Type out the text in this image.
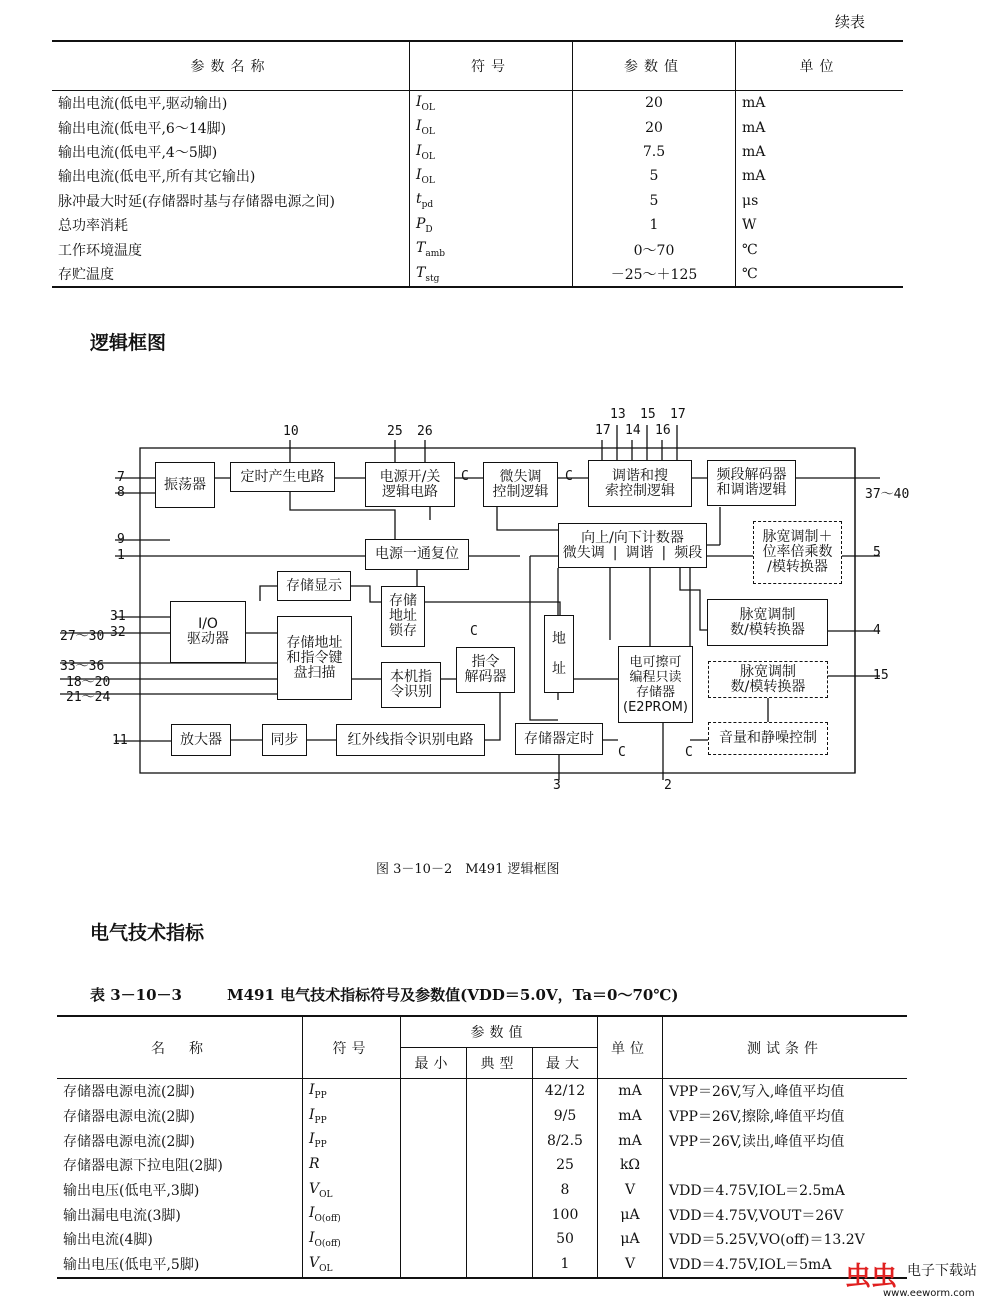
续表
参数名称	符号	参数值	单位
输出电流(低电平,驱动输出)	$I_{OL}$	20	mA
输出电流(低电平,6～14脚)	$I_{OL}$	20	mA
输出电流(低电平,4～5脚)	$I_{OL}$	7.5	mA
输出电流(低电平,所有其它输出)	$I_{OL}$	5	mA
脉冲最大时延(存储器时基与存储器电源之间)	$t_{pd}$	5	μs
总功率消耗	$P_D$	1	W
工作环境温度	$T_{amb}$	0～70	℃
存贮温度	$T_{stg}$	－25～＋125	℃
逻辑框图
振荡器	定时产生电路	电源开/关
逻辑电路
微失调
控制逻辑
调谐和搜
索控制逻辑
频段解码器
和调谐逻辑
向上/向下计数器
微失调 | 调谐 | 频段
脉宽调制＋
位率倍乘数
/模转换器
电源一通复位
存储显示
存储
地址
锁存
I/O
驱动器	存储地址
和指令键
盘扫描	本机指
令识别
指令
解码器
地

址	电可擦可
编程只读
存储器
(E2PROM)
脉宽调制
数/模转换器
脉宽调制
数/模转换器
音量和静噪控制
存储器定时
放大器	同步	红外线指令识别电路
7
8
9
1
31
27～30 32
33～36
18～20
21～24
11
10	25 26	17
13
14
15
16
17
37～40
5
4
15
3	2
C	C
C
C	C
图 3－10－2　M491 逻辑框图
电气技术指标
表 3－10－3　　　M491 电气技术指标符号及参数值(VDD＝5.0V，Ta＝0～70℃)
名　称	符号	参数值			单位	测试条件
		最小	典型	最大		
存储器电源电流(2脚)	$I_{PP}$			42/12	mA	VPP＝26V,写入,峰值平均值
存储器电源电流(2脚)	$I_{PP}$			9/5	mA	VPP＝26V,擦除,峰值平均值
存储器电源电流(2脚)	$I_{PP}$			8/2.5	mA	VPP＝26V,读出,峰值平均值
存储器电源下拉电阻(2脚)	R			25	kΩ	
输出电压(低电平,3脚)	$V_{OL}$			8	V	VDD＝4.75V,IOL＝2.5mA
输出漏电电流(3脚)	$I_{O(off)}$			100	μA	VDD＝4.75V,VOUT＝26V
输出电流(4脚)	$I_{O(off)}$			50	μA	VDD＝5.25V,VO(off)＝13.2V
输出电压(低电平,5脚)	$V_{OL}$			1	V	VDD＝4.75V,IOL＝5mA 虫虫 电子下载站
www.eeworm.com
